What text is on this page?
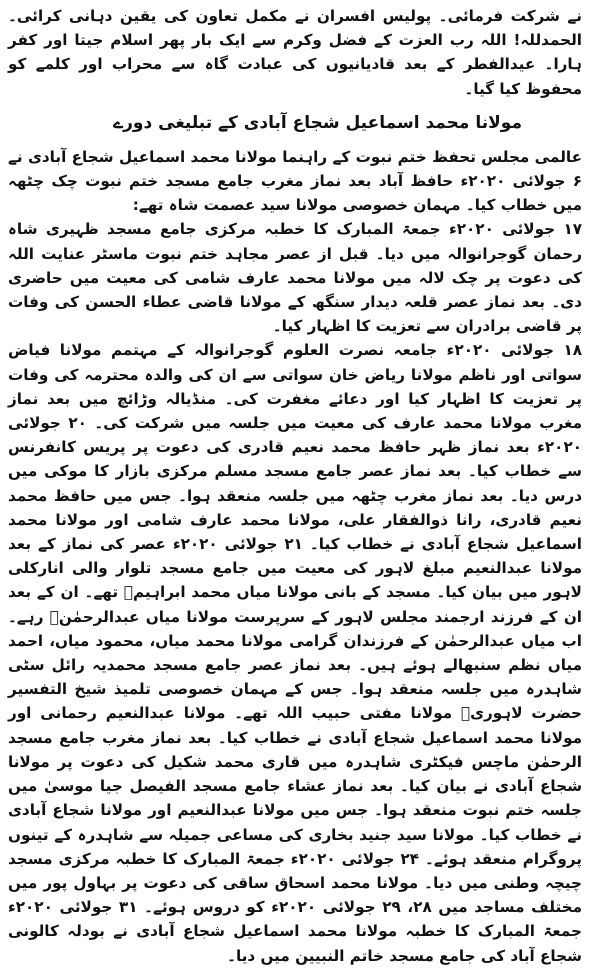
نے شرکت فرمائی۔ پولیس افسران نے مکمل تعاون کی یقین دہانی کرائی۔ الحمدللہ! اللہ رب العزت کے فضل وکرم سے ایک بار پھر اسلام جیتا اور کفر ہارا۔ عیدالفطر کے بعد قادیانیوں کی عبادت گاہ سے محراب اور کلمے کو محفوظ کیا گیا۔

مولانا محمد اسماعیل شجاع آبادی کے تبلیغی دورے

عالمی مجلس تحفظ ختم نبوت کے راہنما مولانا محمد اسماعیل شجاع آبادی نے ۶ جولائی ۲۰۲۰ء حافظ آباد بعد نماز مغرب جامع مسجد ختم نبوت چک چٹھہ میں خطاب کیا۔ مہمان خصوصی مولانا سید عصمت شاہ تھے:

۱۷ جولائی ۲۰۲۰ء جمعۃ المبارک کا خطبہ مرکزی جامع مسجد ظہیری شاہ رحمان گوجرانوالہ میں دیا۔ قبل از عصر مجاہد ختم نبوت ماسٹر عنایت اللہ کی دعوت پر چک لالہ میں مولانا محمد عارف شامی کی معیت میں حاضری دی۔ بعد نماز عصر قلعہ دیدار سنگھ کے مولانا قاضی عطاء الحسن کی وفات پر قاضی برادران سے تعزیت کا اظہار کیا۔

۱۸ جولائی ۲۰۲۰ء جامعہ نصرت العلوم گوجرانوالہ کے مہتمم مولانا فیاض سواتی اور ناظم مولانا ریاض خان سواتی سے ان کی والدہ محترمہ کی وفات پر تعزیت کا اظہار کیا اور دعائے مغفرت کی۔ منڈیالہ وڑائچ میں بعد نماز مغرب مولانا محمد عارف کی معیت میں جلسہ میں شرکت کی۔ ۲۰ جولائی ۲۰۲۰ء بعد نماز ظہر حافظ محمد نعیم قادری کی دعوت پر پریس کانفرنس سے خطاب کیا۔ بعد نماز عصر جامع مسجد مسلم مرکزی بازار کا موکی میں درس دیا۔ بعد نماز مغرب چٹھہ میں جلسہ منعقد ہوا۔ جس میں حافظ محمد نعیم قادری، رانا ذوالفقار علی، مولانا محمد عارف شامی اور مولانا محمد اسماعیل شجاع آبادی نے خطاب کیا۔ ۲۱ جولائی ۲۰۲۰ء عصر کی نماز کے بعد مولانا عبدالنعیم مبلغ لاہور کی معیت میں جامع مسجد تلوار والی انارکلی لاہور میں بیان کیا۔ مسجد کے بانی مولانا میاں محمد ابراہیمؒ تھے۔ ان کے بعد ان کے فرزند ارجمند مجلس لاہور کے سرپرست مولانا میاں عبدالرحمٰنؒ رہے۔ اب میاں عبدالرحمٰن کے فرزندان گرامی مولانا محمد میاں، محمود میاں، احمد میاں نظم سنبھالے ہوئے ہیں۔ بعد نماز عصر جامع مسجد محمدیہ رائل سٹی شاہدرہ میں جلسہ منعقد ہوا۔ جس کے مہمان خصوصی تلمیذ شیخ التفسیر حضرت لاہوریؒ مولانا مفتی حبیب اللہ تھے۔ مولانا عبدالنعیم رحمانی اور مولانا محمد اسماعیل شجاع آبادی نے خطاب کیا۔ بعد نماز مغرب جامع مسجد الرحمٰن ماچس فیکٹری شاہدرہ میں قاری محمد شکیل کی دعوت پر مولانا شجاع آبادی نے بیان کیا۔ بعد نماز عشاء جامع مسجد الفیصل جیا موسیٰ میں جلسہ ختم نبوت منعقد ہوا۔ جس میں مولانا عبدالنعیم اور مولانا شجاع آبادی نے خطاب کیا۔ مولانا سید جنید بخاری کی مساعی جمیلہ سے شاہدرہ کے تینوں پروگرام منعقد ہوئے۔ ۲۴ جولائی ۲۰۲۰ء جمعۃ المبارک کا خطبہ مرکزی مسجد چیچہ وطنی میں دیا۔ مولانا محمد اسحاق ساقی کی دعوت پر بہاول پور میں مختلف مساجد میں ۲۸، ۲۹ جولائی ۲۰۲۰ء کو دروس ہوئے۔ ۳۱ جولائی ۲۰۲۰ء جمعۃ المبارک کا خطبہ مولانا محمد اسماعیل شجاع آبادی نے بودلہ کالونی شجاع آباد کی جامع مسجد خاتم النبیین میں دیا۔
